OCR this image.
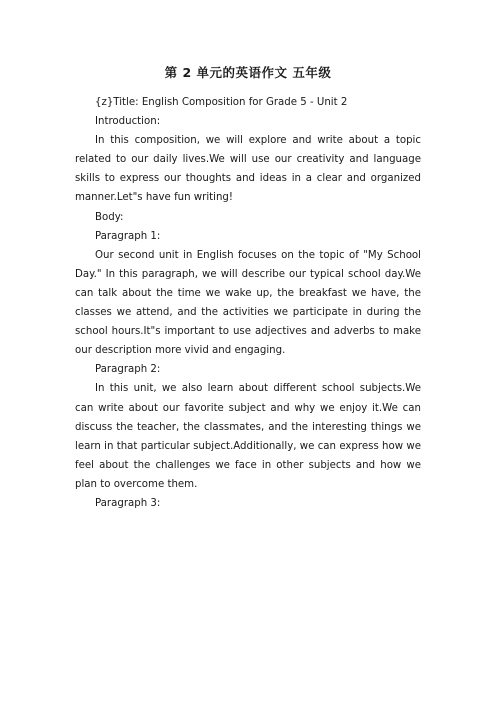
第 2 单元的英语作文 五年级

{z}Title: English Composition for Grade 5 - Unit 2

Introduction:

In this composition, we will explore and write about a topic related to our daily lives.We will use our creativity and language skills to express our thoughts and ideas in a clear and organized manner.Let"s have fun writing!

Body:

Paragraph 1:

Our second unit in English focuses on the topic of "My School Day." In this paragraph, we will describe our typical school day.We can talk about the time we wake up, the breakfast we have, the classes we attend, and the activities we participate in during the school hours.It"s important to use adjectives and adverbs to make our description more vivid and engaging.

Paragraph 2:

In this unit, we also learn about different school subjects.We can write about our favorite subject and why we enjoy it.We can discuss the teacher, the classmates, and the interesting things we learn in that particular subject.Additionally, we can express how we feel about the challenges we face in other subjects and how we plan to overcome them.

Paragraph 3:
